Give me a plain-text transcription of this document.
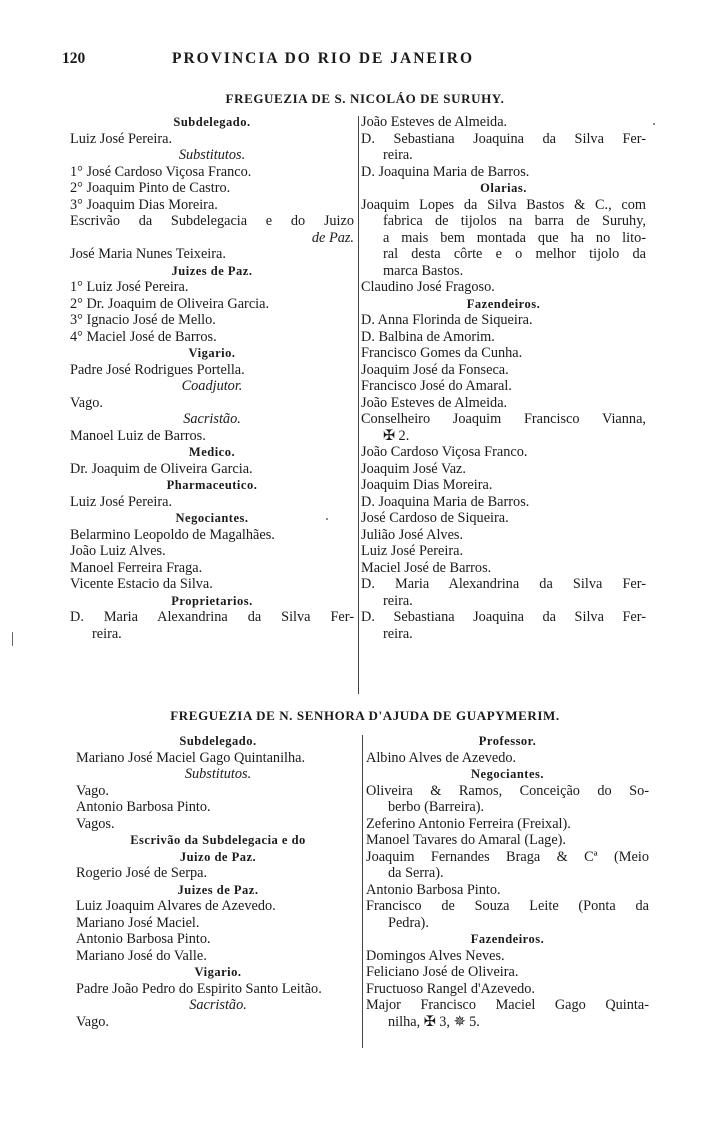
120	PROVINCIA DO RIO DE JANEIRO
FREGUEZIA DE S. NICOLÁO DE SURUHY.
Subdelegado.
Luiz José Pereira.
Substitutos.
1° José Cardoso Viçosa Franco.
2° Joaquim Pinto de Castro.
3° Joaquim Dias Moreira.
Escrivão da Subdelegacia e do Juizo
de Paz.
José Maria Nunes Teixeira.
Juizes de Paz.
1° Luiz José Pereira.
2° Dr. Joaquim de Oliveira Garcia.
3° Ignacio José de Mello.
4° Maciel José de Barros.
Vigario.
Padre José Rodrigues Portella.
Coadjutor.
Vago.
Sacristão.
Manoel Luiz de Barros.
Medico.
Dr. Joaquim de Oliveira Garcia.
Pharmaceutico.
Luiz José Pereira.
Negociantes.
Belarmino Leopoldo de Magalhães.
João Luiz Alves.
Manoel Ferreira Fraga.
Vicente Estacio da Silva.
Proprietarios.
D. Maria Alexandrina da Silva Fer-
reira.
João Esteves de Almeida.
D. Sebastiana Joaquina da Silva Fer-
reira.
D. Joaquina Maria de Barros.
Olarias.
Joaquim Lopes da Silva Bastos & C., com
fabrica de tijolos na barra de Suruhy,
a mais bem montada que ha no lito-
ral desta côrte e o melhor tijolo da
marca Bastos.
Claudino José Fragoso.
Fazendeiros.
D. Anna Florinda de Siqueira.
D. Balbina de Amorim.
Francisco Gomes da Cunha.
Joaquim José da Fonseca.
Francisco José do Amaral.
João Esteves de Almeida.
Conselheiro Joaquim Francisco Vianna,
✠ 2.
João Cardoso Viçosa Franco.
Joaquim José Vaz.
Joaquim Dias Moreira.
D. Joaquina Maria de Barros.
José Cardoso de Siqueira.
Julião José Alves.
Luiz José Pereira.
Maciel José de Barros.
D. Maria Alexandrina da Silva Fer-
reira.
D. Sebastiana Joaquina da Silva Fer-
reira.
FREGUEZIA DE N. SENHORA D'AJUDA DE GUAPYMERIM.
Subdelegado.
Mariano José Maciel Gago Quintanilha.
Substitutos.
Vago.
Antonio Barbosa Pinto.
Vagos.
Escrivão da Subdelegacia e do
Juizo de Paz.
Rogerio José de Serpa.
Juizes de Paz.
Luiz Joaquim Alvares de Azevedo.
Mariano José Maciel.
Antonio Barbosa Pinto.
Mariano José do Valle.
Vigario.
Padre João Pedro do Espirito Santo Leitão.
Sacristão.
Vago.
Professor.
Albino Alves de Azevedo.
Negociantes.
Oliveira & Ramos, Conceição do So-
berbo (Barreira).
Zeferino Antonio Ferreira (Freixal).
Manoel Tavares do Amaral (Lage).
Joaquim Fernandes Braga & Cª (Meio
da Serra).
Antonio Barbosa Pinto.
Francisco de Souza Leite (Ponta da
Pedra).
Fazendeiros.
Domingos Alves Neves.
Feliciano José de Oliveira.
Fructuoso Rangel d'Azevedo.
Major Francisco Maciel Gago Quinta-
nilha, ✠ 3, ✵ 5.
